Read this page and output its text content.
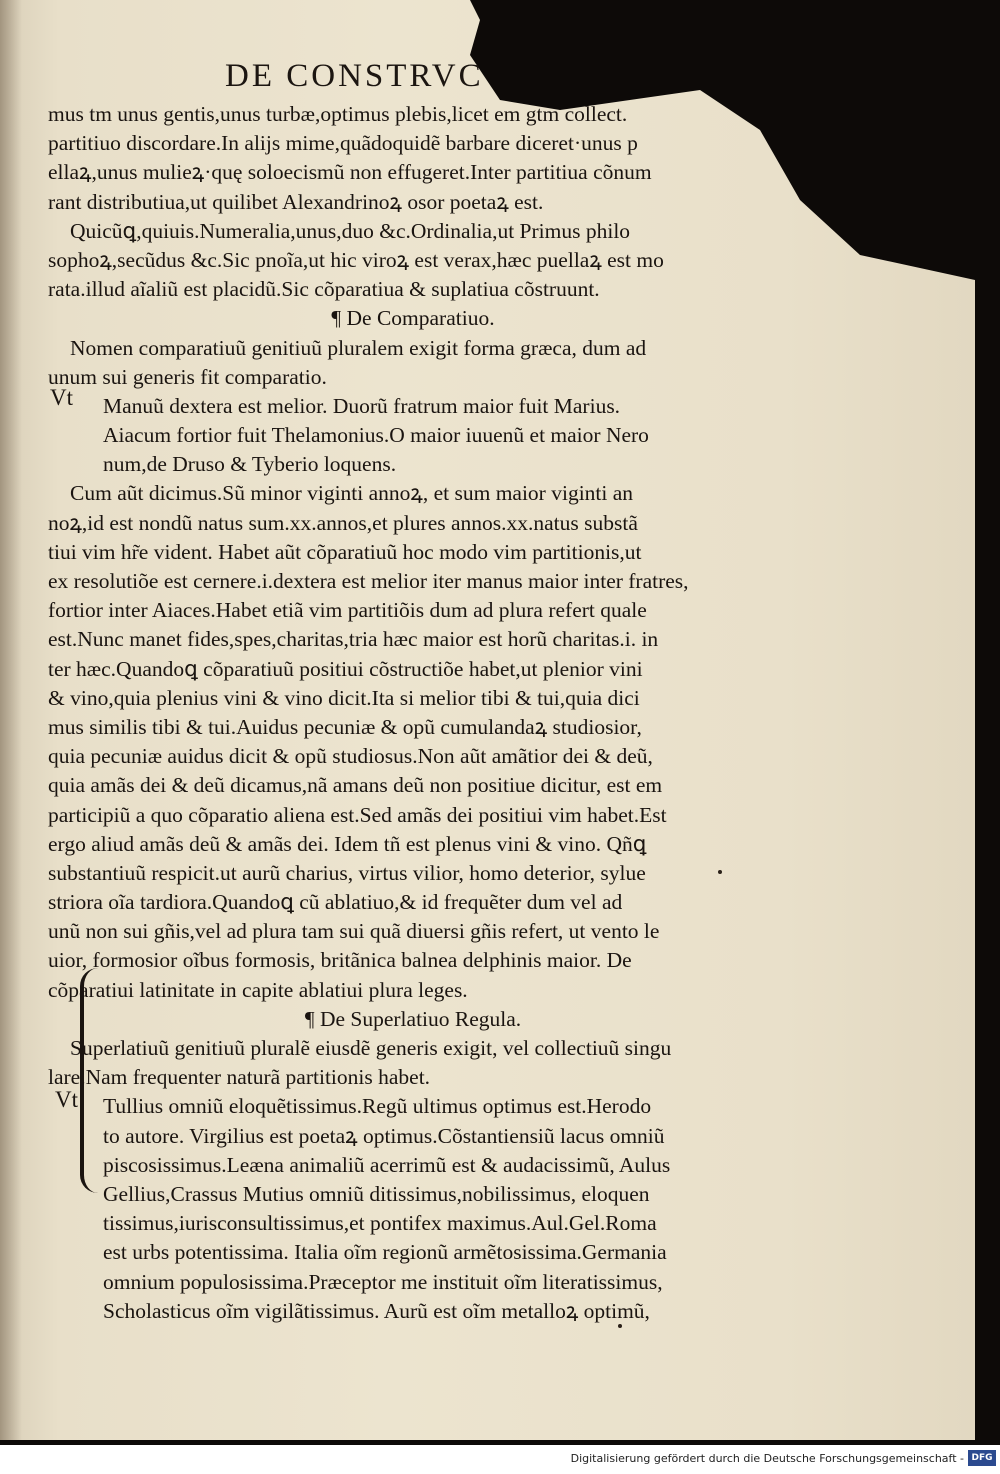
DE CONSTRVC
mus tm unus gentis,unus turbæ,optimus plebis,licet em gtm collect.
partitiuo discordare.In alijs mime,quãdoquidẽ barbare diceret·unus p
ellaꝝ,unus mulieꝝ·quę soloecismũ non effugeret.Inter partitiua cõnum
rant distributiua,ut quilibet Alexandrinoꝝ osor poetaꝝ est.
Quicũꝗ,quiuis.Numeralia,unus,duo &c.Ordinalia,ut Primus philo
sophoꝝ,secũdus &c.Sic pnoĩa,ut hic viroꝝ est verax,hæc puellaꝝ est mo
rata.illud aĩaliũ est placidũ.Sic cõparatiua & suplatiua cõstruunt.
¶ De Comparatiuo.
Nomen comparatiuũ genitiuũ pluralem exigit forma græca, dum ad
unum sui generis fit comparatio.
Manuũ dextera est melior. Duorũ fratrum maior fuit Marius.
Aiacum fortior fuit Thelamonius.O maior iuuenũ et maior Nero
num,de Druso & Tyberio loquens.
Cum aũt dicimus.Sũ minor viginti annoꝝ, et sum maior viginti an
noꝝ,id est nondũ natus sum.xx.annos,et plures annos.xx.natus substã
tiui vim hr̃e vident. Habet aũt cõparatiuũ hoc modo vim partitionis,ut
ex resolutiõe est cernere.i.dextera est melior iter manus maior inter fratres,
fortior inter Aiaces.Habet etiã vim partitiõis dum ad plura refert quale
est.Nunc manet fides,spes,charitas,tria hæc maior est horũ charitas.i. in
ter hæc.Quandoꝗ cõparatiuũ positiui cõstructiõe habet,ut plenior vini
& vino,quia plenius vini & vino dicit.Ita si melior tibi & tui,quia dici
mus similis tibi & tui.Auidus pecuniæ & opũ cumulandaꝝ studiosior,
quia pecuniæ auidus dicit & opũ studiosus.Non aũt amãtior dei & deũ,
quia amãs dei & deũ dicamus,nã amans deũ non positiue dicitur, est em
participiũ a quo cõparatio aliena est.Sed amãs dei positiui vim habet.Est
ergo aliud amãs deũ & amãs dei. Idem tñ est plenus vini & vino. Qñꝗ
substantiuũ respicit.ut aurũ charius, virtus vilior, homo deterior, sylue
striora oĩa tardiora.Quandoꝗ cũ ablatiuo,& id frequẽter dum vel ad
unũ non sui gñis,vel ad plura tam sui quã diuersi gñis refert, ut vento le
uior, formosior oĩbus formosis, britãnica balnea delphinis maior. De
cõparatiui latinitate in capite ablatiui plura leges.
¶ De Superlatiuo Regula.
Superlatiuũ genitiuũ pluralẽ eiusdẽ generis exigit, vel collectiuũ singu
lare.Nam frequenter naturã partitionis habet.
Tullius omniũ eloquẽtissimus.Regũ ultimus optimus est.Herodo
to autore. Virgilius est poetaꝝ optimus.Cõstantiensiũ lacus omniũ
piscosissimus.Leæna animaliũ acerrimũ est & audacissimũ, Aulus
Gellius,Crassus Mutius omniũ ditissimus,nobilissimus, eloquen
tissimus,iurisconsultissimus,et pontifex maximus.Aul.Gel.Roma
est urbs potentissima. Italia oĩm regionũ armẽtosissima.Germania
omnium populosissima.Præceptor me instituit oĩm literatissimus,
Scholasticus oĩm vigilãtissimus. Aurũ est oĩm metalloꝝ optimũ,
Vt
Vt
Digitalisierung gefördert durch die Deutsche Forschungsgemeinschaft - DFG
